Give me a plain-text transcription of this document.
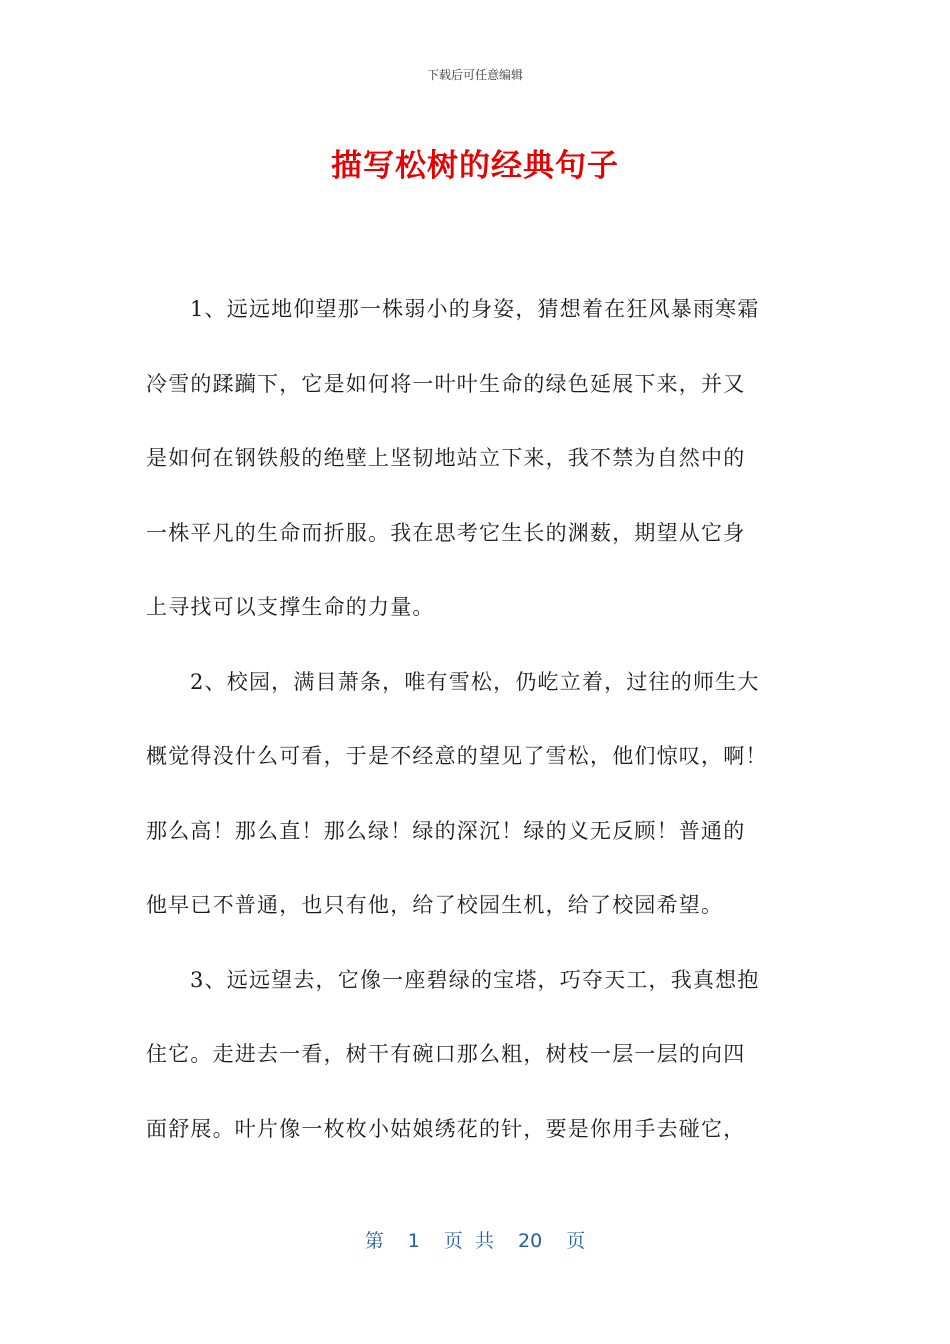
下载后可任意编辑
描写松树的经典句子
1、远远地仰望那一株弱小的身姿，猜想着在狂风暴雨寒霜
冷雪的蹂躏下，它是如何将一叶叶生命的绿色延展下来，并又
是如何在钢铁般的绝壁上坚韧地站立下来，我不禁为自然中的
一株平凡的生命而折服。我在思考它生长的渊薮，期望从它身
上寻找可以支撑生命的力量。
2、校园，满目萧条，唯有雪松，仍屹立着，过往的师生大
概觉得没什么可看，于是不经意的望见了雪松，他们惊叹，啊！
那么高！那么直！那么绿！绿的深沉！绿的义无反顾！普通的
他早已不普通，也只有他，给了校园生机，给了校园希望。
3、远远望去，它像一座碧绿的宝塔，巧夺天工，我真想抱
住它。走进去一看，树干有碗口那么粗，树枝一层一层的向四
面舒展。叶片像一枚枚小姑娘绣花的针，要是你用手去碰它，
第  1  页 共  20  页
